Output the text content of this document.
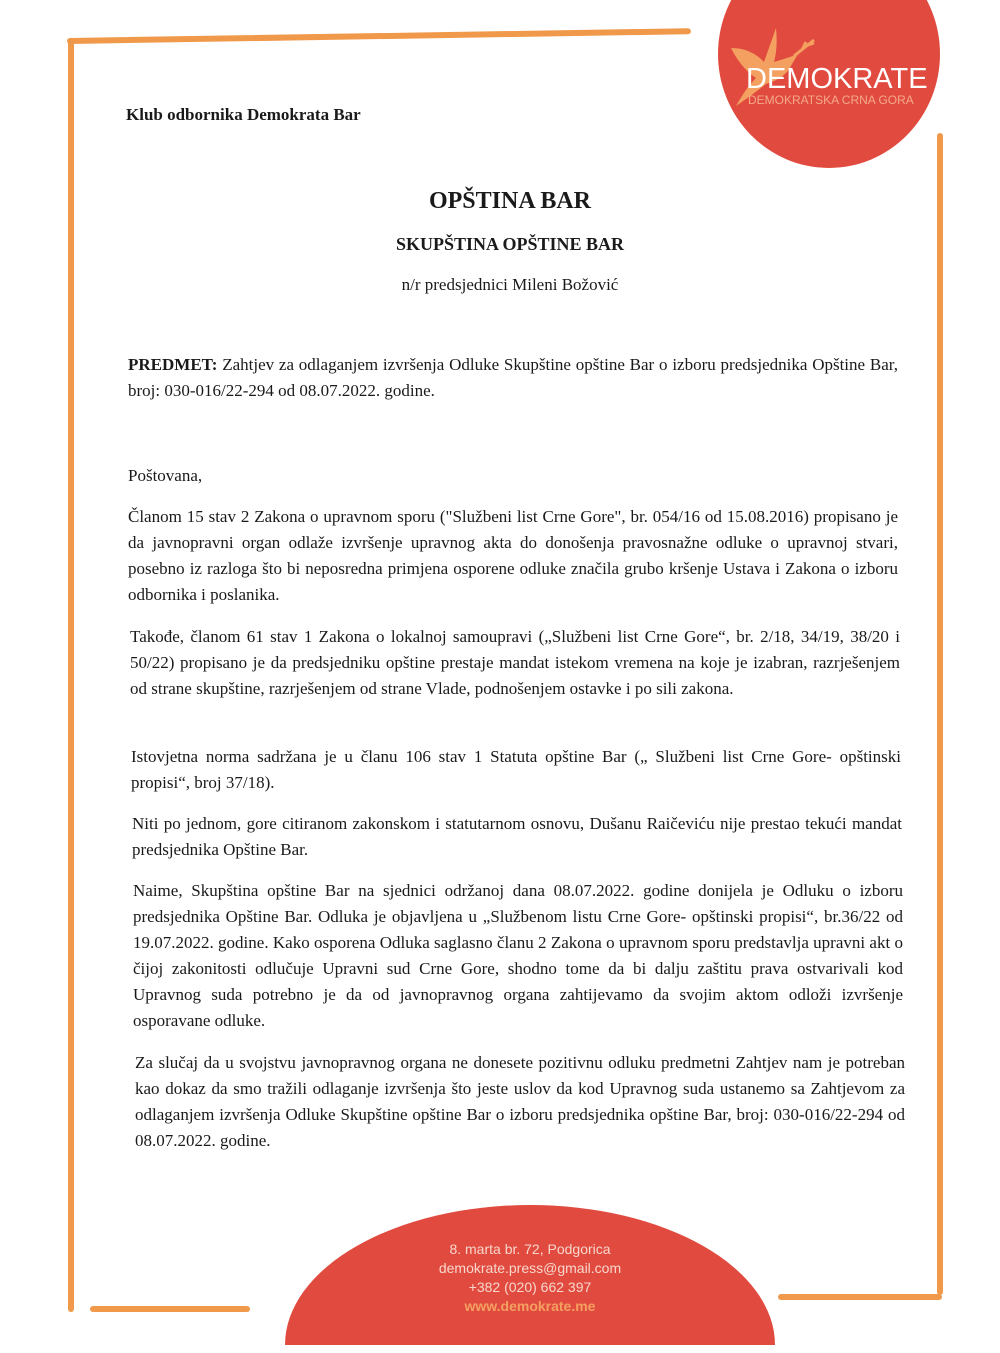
DEMOKRATE
DEMOKRATSKA CRNA GORA
Klub odbornika Demokrata Bar
OPŠTINA BAR
SKUPŠTINA OPŠTINE BAR
n/r predsjednici Mileni Božović
PREDMET: Zahtjev za odlaganjem izvršenja Odluke Skupštine opštine Bar o izboru predsjednika Opštine Bar, broj: 030-016/22-294 od 08.07.2022. godine.
Poštovana,
Članom 15 stav 2 Zakona o upravnom sporu ("Službeni list Crne Gore", br. 054/16 od 15.08.2016) propisano je da javnopravni organ odlaže izvršenje upravnog akta do donošenja pravosnažne odluke o upravnoj stvari, posebno iz razloga što bi neposredna primjena osporene odluke značila grubo kršenje Ustava i Zakona o izboru odbornika i poslanika.
Takođe, članom 61 stav 1 Zakona o lokalnoj samoupravi („Službeni list Crne Gore“, br. 2/18, 34/19, 38/20 i 50/22) propisano je da predsjedniku opštine prestaje mandat istekom vremena na koje je izabran, razrješenjem od strane skupštine, razrješenjem od strane Vlade, podnošenjem ostavke i po sili zakona.
Istovjetna norma sadržana je u članu 106 stav 1 Statuta opštine Bar („ Službeni list Crne Gore- opštinski propisi“, broj 37/18).
Niti po jednom, gore citiranom zakonskom i statutarnom osnovu, Dušanu Raičeviću nije prestao tekući mandat predsjednika Opštine Bar.
Naime, Skupština opštine Bar na sjednici održanoj dana 08.07.2022. godine donijela je Odluku o izboru predsjednika Opštine Bar. Odluka je objavljena u „Službenom listu Crne Gore- opštinski propisi“, br.36/22 od 19.07.2022. godine. Kako osporena Odluka saglasno članu 2 Zakona o upravnom sporu predstavlja upravni akt o čijoj zakonitosti odlučuje Upravni sud Crne Gore, shodno tome da bi dalju zaštitu prava ostvarivali kod Upravnog suda potrebno je da od javnopravnog organa zahtijevamo da svojim aktom odloži izvršenje osporavane odluke.
Za slučaj da u svojstvu javnopravnog organa ne donesete pozitivnu odluku predmetni Zahtjev nam je potreban kao dokaz da smo tražili odlaganje izvršenja što jeste uslov da kod Upravnog suda ustanemo sa Zahtjevom za odlaganjem izvršenja Odluke Skupštine opštine Bar o izboru predsjednika opštine Bar, broj: 030-016/22-294 od 08.07.2022. godine.
8. marta br. 72, Podgorica
demokrate.press@gmail.com
+382 (020) 662 397
www.demokrate.me
